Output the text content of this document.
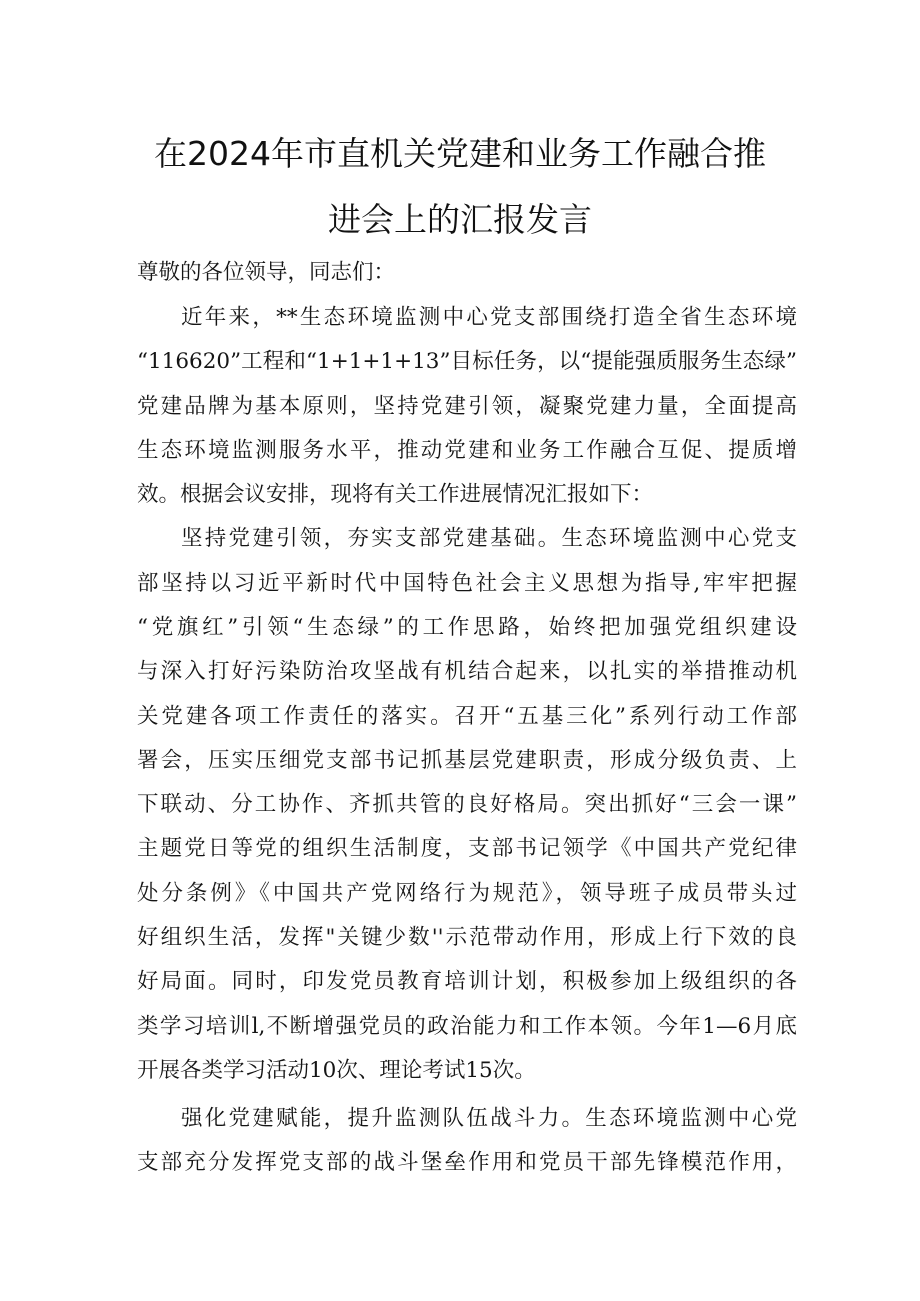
在2024年市直机关党建和业务工作融合推
进会上的汇报发言
尊敬的各位领导，同志们：
近年来，**生态环境监测中心党支部围绕打造全省生态环境
“116620”工程和“1+1+1+13”目标任务，以“提能强质服务生态绿”
党建品牌为基本原则，坚持党建引领，凝聚党建力量，全面提高
生态环境监测服务水平，推动党建和业务工作融合互促、提质增
效。根据会议安排，现将有关工作进展情况汇报如下：
坚持党建引领，夯实支部党建基础。生态环境监测中心党支
部坚持以习近平新时代中国特色社会主义思想为指导,牢牢把握
“党旗红”引领“生态绿”的工作思路，始终把加强党组织建设
与深入打好污染防治攻坚战有机结合起来，以扎实的举措推动机
关党建各项工作责任的落实。召开“五基三化”系列行动工作部
署会，压实压细党支部书记抓基层党建职责，形成分级负责、上
下联动、分工协作、齐抓共管的良好格局。突出抓好“三会一课”
主题党日等党的组织生活制度，支部书记领学《中国共产党纪律
处分条例》《中国共产党网络行为规范》，领导班子成员带头过
好组织生活，发挥"关键少数''示范带动作用，形成上行下效的良
好局面。同时，印发党员教育培训计划，积极参加上级组织的各
类学习培训l,不断增强党员的政治能力和工作本领。今年1—6月底
开展各类学习活动10次、理论考试15次。
强化党建赋能，提升监测队伍战斗力。生态环境监测中心党
支部充分发挥党支部的战斗堡垒作用和党员干部先锋模范作用，
